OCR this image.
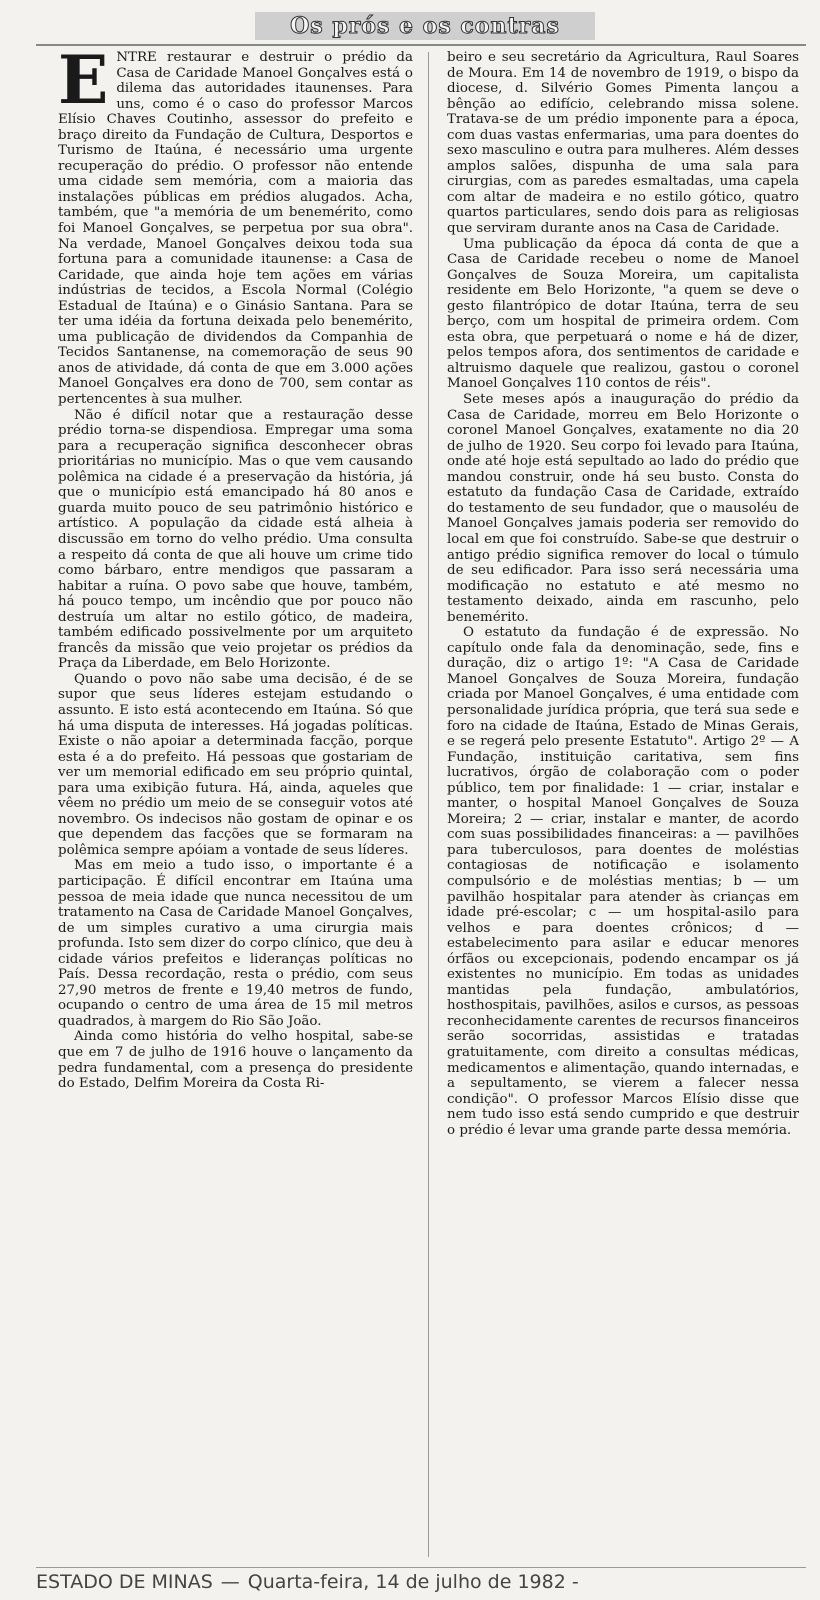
Os prós e os contras

ENTRE restaurar e destruir o prédio da Casa de Caridade Manoel Gonçalves está o dilema das autoridades itaunenses. Para uns, como é o caso do professor Marcos Elísio Chaves Coutinho, assessor do prefeito e braço direito da Fundação de Cultura, Desportos e Turismo de Itaúna, é necessário uma urgente recuperação do prédio. O professor não entende uma cidade sem memória, com a maioria das instalações públicas em prédios alugados. Acha, também, que "a memória de um benemérito, como foi Manoel Gonçalves, se perpetua por sua obra". Na verdade, Manoel Gonçalves deixou toda sua fortuna para a comunidade itaunense: a Casa de Caridade, que ainda hoje tem ações em várias indústrias de tecidos, a Escola Normal (Colégio Estadual de Itaúna) e o Ginásio Santana. Para se ter uma idéia da fortuna deixada pelo benemérito, uma publicação de dividendos da Companhia de Tecidos Santanense, na comemoração de seus 90 anos de atividade, dá conta de que em 3.000 ações Manoel Gonçalves era dono de 700, sem contar as pertencentes à sua mulher.

Não é difícil notar que a restauração desse prédio torna-se dispendiosa. Empregar uma soma para a recuperação significa desconhecer obras prioritárias no município. Mas o que vem causando polêmica na cidade é a preservação da história, já que o município está emancipado há 80 anos e guarda muito pouco de seu patrimônio histórico e artístico. A população da cidade está alheia à discussão em torno do velho prédio. Uma consulta a respeito dá conta de que ali houve um crime tido como bárbaro, entre mendigos que passaram a habitar a ruína. O povo sabe que houve, também, há pouco tempo, um incêndio que por pouco não destruía um altar no estilo gótico, de madeira, também edificado possivelmente por um arquiteto francês da missão que veio projetar os prédios da Praça da Liberdade, em Belo Horizonte.

Quando o povo não sabe uma decisão, é de se supor que seus líderes estejam estudando o assunto. E isto está acontecendo em Itaúna. Só que há uma disputa de interesses. Há jogadas políticas. Existe o não apoiar a determinada facção, porque esta é a do prefeito. Há pessoas que gostariam de ver um memorial edificado em seu próprio quintal, para uma exibição futura. Há, ainda, aqueles que vêem no prédio um meio de se conseguir votos até novembro. Os indecisos não gostam de opinar e os que dependem das facções que se formaram na polêmica sempre apóiam a vontade de seus líderes.

Mas em meio a tudo isso, o importante é a participação. É difícil encontrar em Itaúna uma pessoa de meia idade que nunca necessitou de um tratamento na Casa de Caridade Manoel Gonçalves, de um simples curativo a uma cirurgia mais profunda. Isto sem dizer do corpo clínico, que deu à cidade vários prefeitos e lideranças políticas no País. Dessa recordação, resta o prédio, com seus 27,90 metros de frente e 19,40 metros de fundo, ocupando o centro de uma área de 15 mil metros quadrados, à margem do Rio São João.

Ainda como história do velho hospital, sabe-se que em 7 de julho de 1916 houve o lançamento da pedra fundamental, com a presença do presidente do Estado, Delfim Moreira da Costa Ri-

beiro e seu secretário da Agricultura, Raul Soares de Moura. Em 14 de novembro de 1919, o bispo da diocese, d. Silvério Gomes Pimenta lançou a bênção ao edifício, celebrando missa solene. Tratava-se de um prédio imponente para a época, com duas vastas enfermarias, uma para doentes do sexo masculino e outra para mulheres. Além desses amplos salões, dispunha de uma sala para cirurgias, com as paredes esmaltadas, uma capela com altar de madeira e no estilo gótico, quatro quartos particulares, sendo dois para as religiosas que serviram durante anos na Casa de Caridade.

Uma publicação da época dá conta de que a Casa de Caridade recebeu o nome de Manoel Gonçalves de Souza Moreira, um capitalista residente em Belo Horizonte, "a quem se deve o gesto filantrópico de dotar Itaúna, terra de seu berço, com um hospital de primeira ordem. Com esta obra, que perpetuará o nome e há de dizer, pelos tempos afora, dos sentimentos de caridade e altruismo daquele que realizou, gastou o coronel Manoel Gonçalves 110 contos de réis".

Sete meses após a inauguração do prédio da Casa de Caridade, morreu em Belo Horizonte o coronel Manoel Gonçalves, exatamente no dia 20 de julho de 1920. Seu corpo foi levado para Itaúna, onde até hoje está sepultado ao lado do prédio que mandou construir, onde há seu busto. Consta do estatuto da fundação Casa de Caridade, extraído do testamento de seu fundador, que o mausoléu de Manoel Gonçalves jamais poderia ser removido do local em que foi construído. Sabe-se que destruir o antigo prédio significa remover do local o túmulo de seu edificador. Para isso será necessária uma modificação no estatuto e até mesmo no testamento deixado, ainda em rascunho, pelo benemérito.

O estatuto da fundação é de expressão. No capítulo onde fala da denominação, sede, fins e duração, diz o artigo 1º: "A Casa de Caridade Manoel Gonçalves de Souza Moreira, fundação criada por Manoel Gonçalves, é uma entidade com personalidade jurídica própria, que terá sua sede e foro na cidade de Itaúna, Estado de Minas Gerais, e se regerá pelo presente Estatuto". Artigo 2º — A Fundação, instituição caritativa, sem fins lucrativos, órgão de colaboração com o poder público, tem por finalidade: 1 — criar, instalar e manter, o hospital Manoel Gonçalves de Souza Moreira; 2 — criar, instalar e manter, de acordo com suas possibilidades financeiras: a — pavilhões para tuberculosos, para doentes de moléstias contagiosas de notificação e isolamento compulsório e de moléstias mentias; b — um pavilhão hospitalar para atender às crianças em idade pré-escolar; c — um hospital-asilo para velhos e para doentes crônicos; d — estabelecimento para asilar e educar menores órfãos ou excepcionais, podendo encampar os já existentes no município. Em todas as unidades mantidas pela fundação, ambulatórios, hosthospitais, pavilhões, asilos e cursos, as pessoas reconhecidamente carentes de recursos financeiros serão socorridas, assistidas e tratadas gratuitamente, com direito a consultas médicas, medicamentos e alimentação, quando internadas, e a sepultamento, se vierem a falecer nessa condição". O professor Marcos Elísio disse que nem tudo isso está sendo cumprido e que destruir o prédio é levar uma grande parte dessa memória.

ESTADO DE MINAS — Quarta-feira, 14 de julho de 1982 -
